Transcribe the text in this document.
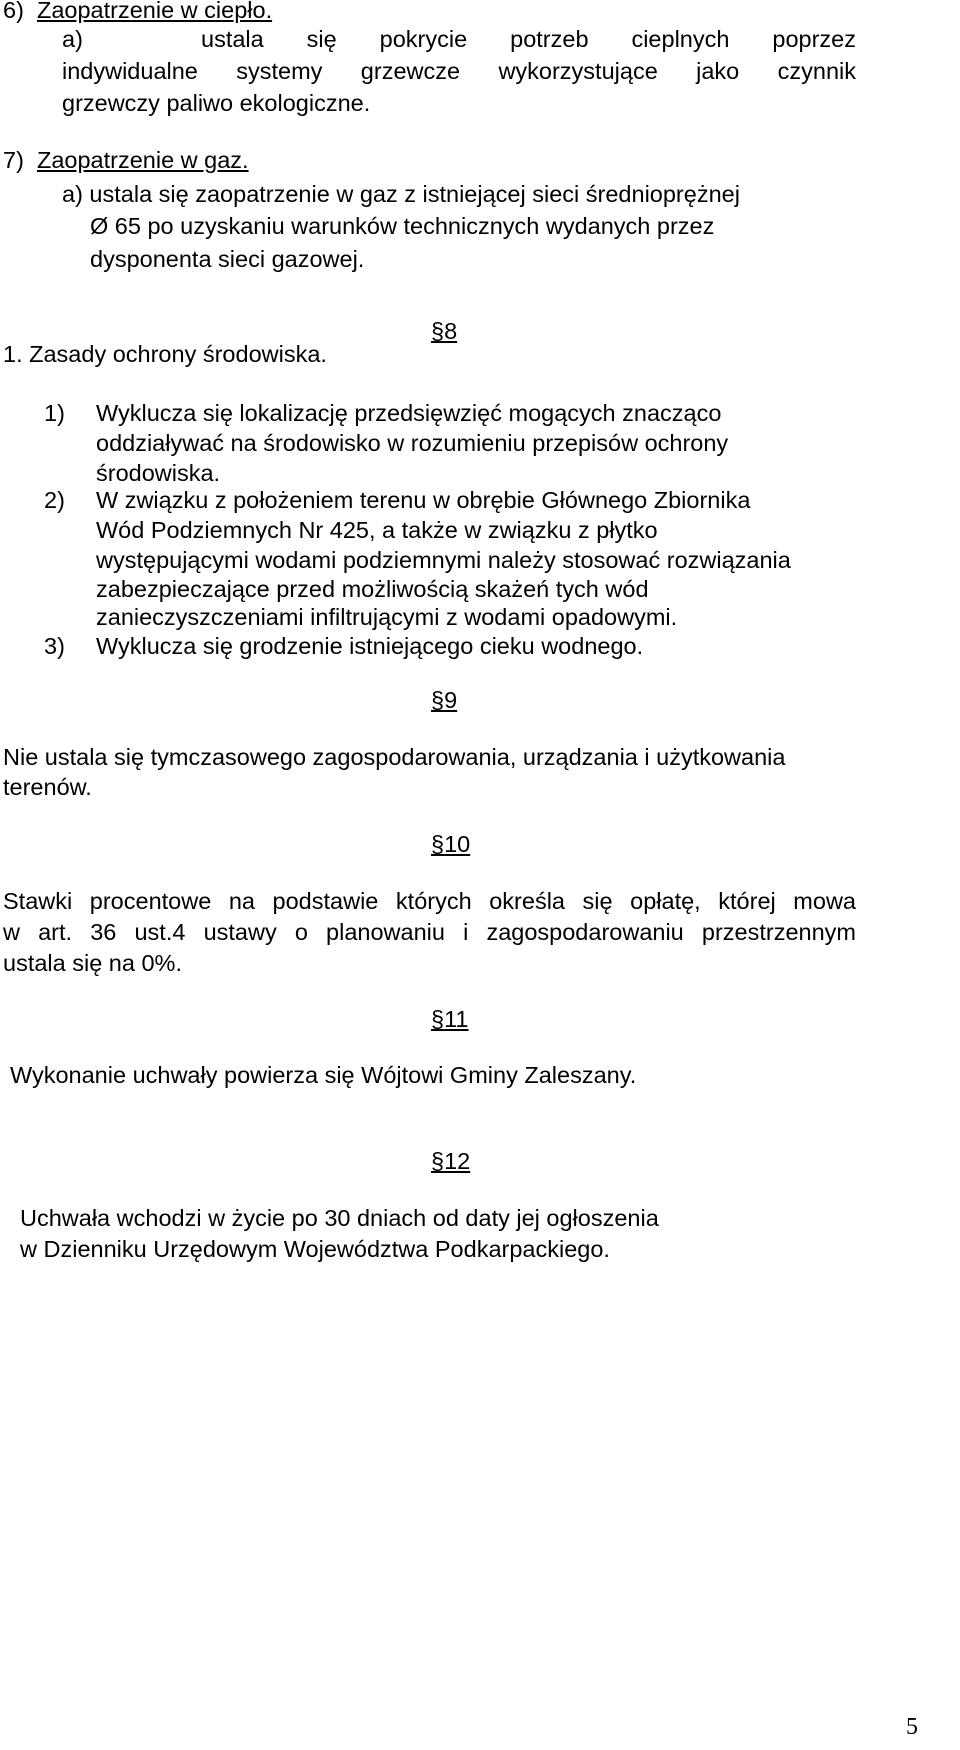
6) Zaopatrzenie w ciepło.
a)	ustala się pokrycie potrzeb cieplnych poprzez
indywidualne systemy grzewcze wykorzystujące jako czynnik
grzewczy paliwo ekologiczne.
7) Zaopatrzenie w gaz.
a) ustala się zaopatrzenie w gaz z istniejącej sieci średnioprężnej
Ø 65 po uzyskaniu warunków technicznych wydanych przez
dysponenta sieci gazowej.
§8
1. Zasady ochrony środowiska.
1) Wyklucza się lokalizację przedsięwzięć mogących znacząco
oddziaływać na środowisko w rozumieniu przepisów ochrony
środowiska.
2) W związku z położeniem terenu w obrębie Głównego Zbiornika
Wód Podziemnych Nr 425, a także w związku z płytko
występującymi wodami podziemnymi należy stosować rozwiązania
zabezpieczające przed możliwością skażeń tych wód
zanieczyszczeniami infiltrującymi z wodami opadowymi.
3) Wyklucza się grodzenie istniejącego cieku wodnego.
§9
Nie ustala się tymczasowego zagospodarowania, urządzania i użytkowania
terenów.
§10
Stawki procentowe na podstawie których określa się opłatę, której mowa
w art. 36 ust.4 ustawy o planowaniu i zagospodarowaniu przestrzennym
ustala się na 0%.
§11
Wykonanie uchwały powierza się Wójtowi Gminy Zaleszany.
§12
Uchwała wchodzi w życie po 30 dniach od daty jej ogłoszenia
w Dzienniku Urzędowym Województwa Podkarpackiego.
5
